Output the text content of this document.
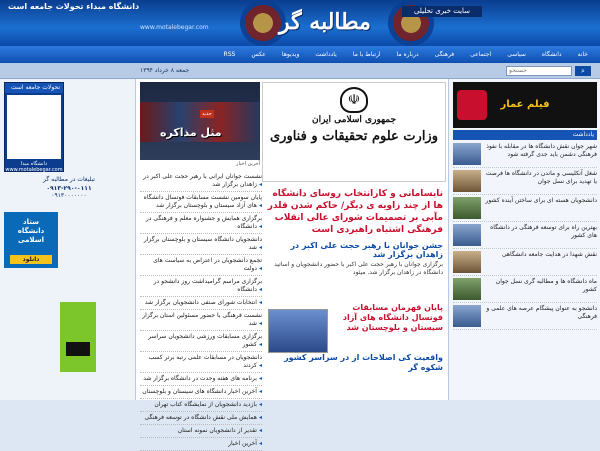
دانشگاه مبداء تحولات جامعه است
www.motalebegar.com	مطالبه گر	سایت خبری تحلیلی
خانه
دانشگاه
سیاسی
اجتماعی
فرهنگی
درباره ما
ارتباط با ما
یادداشت
ویدیوها
عکس
RSS
جمعه ۸ خرداد ۱۳۹۴
جستجو	⌕
تحولات جامعه است
دانشگاه مبدا
www.motalebegar.com
تبلیغات در مطالبه گر
۰۹۱۳-۲۹۰-۰۱۱۱
۰۹۱۳۰۰۰۰۰۰۰
ستاد
دانشگاه اسلامی
دانلود
جدید
مثل مذاکره
آخرین اخبار
☫
جمهوری اسلامی ایران
وزارت علوم تحقیقات و فناوری
نشست جوانان ایرانی با رهبر حجت علی اکبر در زاهدان برگزار شد ◂
پایان سومین نشست مسابقات فوتسال دانشگاه های آزاد سیستان و بلوچستان برگزار شد ◂
برگزاری همایش و جشنواره معلم و فرهنگی در دانشگاه ◂
دانشجویان دانشگاه سیستان و بلوچستان برگزار شد ◂
تجمع دانشجویان در اعتراض به سیاست های دولت ◂
برگزاری مراسم گرامیداشت روز دانشجو در دانشگاه ◂
انتخابات شورای صنفی دانشجویان برگزار شد ◂
نشست فرهنگی با حضور مسئولین استان برگزار شد ◂
برگزاری مسابقات ورزشی دانشجویان سراسر کشور ◂
دانشجویان در مسابقات علمی رتبه برتر کسب کردند ◂
برنامه های هفته وحدت در دانشگاه برگزار شد ◂
آخرین اخبار دانشگاه های سیستان و بلوچستان ◂
بازدید دانشجویان از نمایشگاه کتاب تهران ◂
همایش ملی نقش دانشگاه در توسعه فرهنگی ◂
تقدیر از دانشجویان نمونه استان ◂
آخرین اخبار ◂
نابسامانی و کارانتخاب روسای دانشگاه ها از چند زاویه ی دیگر/ حاکم شدن قلدر مآبی بر تصمیمات شورای عالی انقلاب فرهنگی اشتباه راهبردی است
جشن جوانان با رهبر حجت علی اکبر در زاهدان برگزار شد
برگزاری جوانان با رهبر حجت علی اکبر با حضور دانشجویان و اساتید دانشگاه در زاهدان برگزار شد. میثود
پایان قهرمان مسابقات فوتسال دانشگاه های آزاد سیستان و بلوچستان شد
واقعیت کی اصلاحات از در سراسر کشور شکوه گر
فیلم عمار
یادداشت
شهر جوان نقش دانشگاه ها در مقابله با نفوذ فرهنگی دشمن باید جدی گرفته شود
شغل آنکلیسی و ماندن در دانشگاه ها فرصت یا تهدید برای نسل جوان
دانشجویان هسته ای برای ساختن آینده کشور
بهترین راه برای توسعه فرهنگی در دانشگاه های کشور
نقش شهدا در هدایت جامعه دانشگاهی
ماه دانشگاه ها و مطالبه گری نسل جوان کشور
دانشجو به عنوان پیشگام عرصه های علمی و فرهنگی
